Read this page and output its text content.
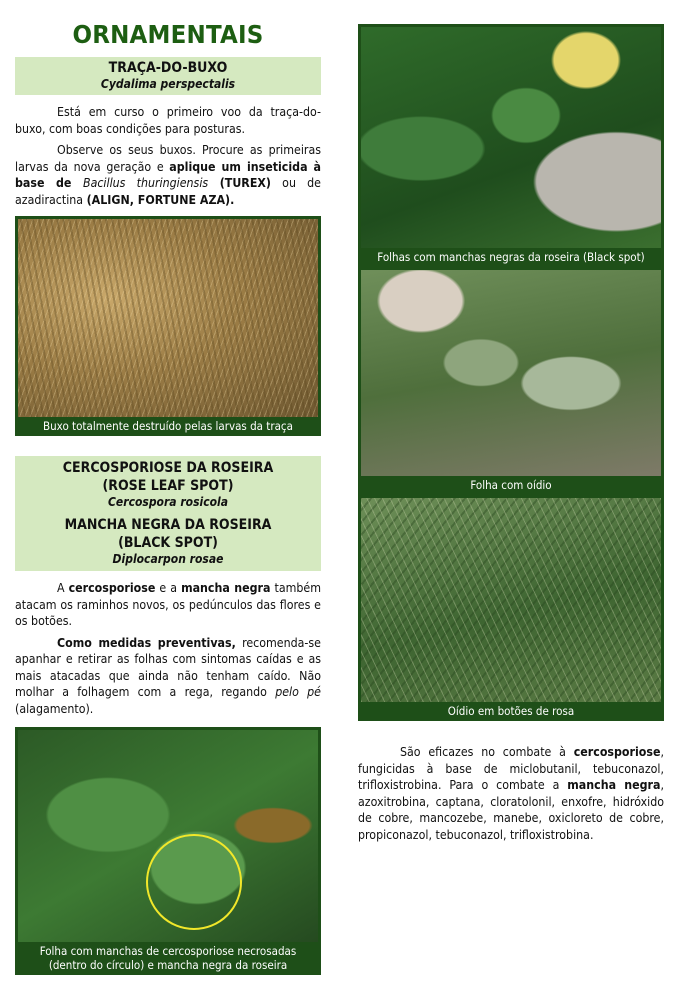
ORNAMENTAIS
TRAÇA-DO-BUXO
Cydalima perspectalis

Está em curso o primeiro voo da traça-do-buxo, com boas condições para posturas.

Observe os seus buxos. Procure as primeiras larvas da nova geração e aplique um inseticida à base de Bacillus thuringiensis (TUREX) ou de azadiractina (ALIGN, FORTUNE AZA).

Buxo totalmente destruído pelas larvas da traça
CERCOSPORIOSE DA ROSEIRA
(ROSE LEAF SPOT)
Cercospora rosicola
MANCHA NEGRA DA ROSEIRA
(BLACK SPOT)
Diplocarpon rosae

A cercosporiose e a mancha negra também atacam os raminhos novos, os pedúnculos das flores e os botões.

Como medidas preventivas, recomenda-se apanhar e retirar as folhas com sintomas caídas e as mais atacadas que ainda não tenham caído. Não molhar a folhagem com a rega, regando pelo pé (alagamento).

Folha com manchas de cercosporiose necrosadas (dentro do círculo) e mancha negra da roseira
Folhas com manchas negras da roseira (Black spot)
Folha com oídio
Oídio em botões de rosa

São eficazes no combate à cercosporiose, fungicidas à base de miclobutanil, tebuconazol, trifloxistrobina. Para o combate a mancha negra, azoxitrobina, captana, cloratolonil, enxofre, hidróxido de cobre, mancozebe, manebe, oxicloreto de cobre, propiconazol, tebuconazol, trifloxistrobina.
